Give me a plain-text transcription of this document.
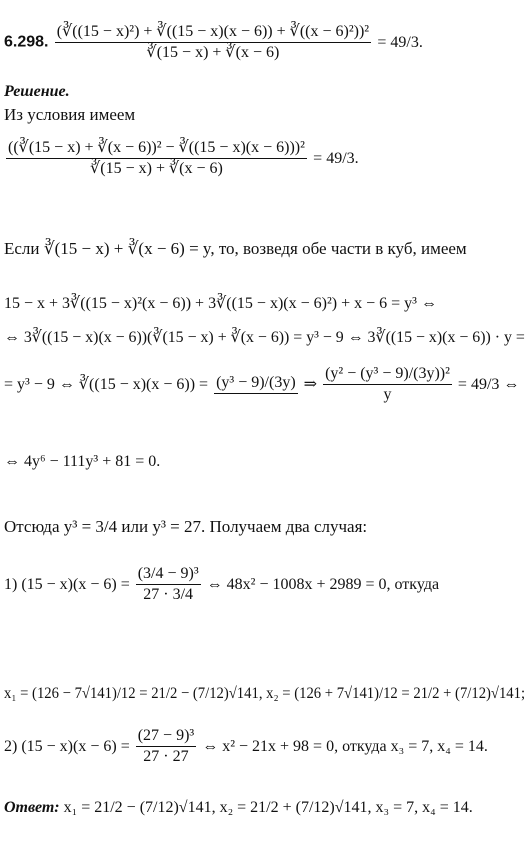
6.298. $\frac{\text{(∛((15 − x)²) + ∛((15 − x)(x − 6)) + ∛((x − 6)²))²}}{∛(15 - x) + ∛(x - 6)} = 49/3$.
Решение.
Из условия имеем
$\frac{\text{((∛(15 − x) + ∛(x − 6))² − ∛((15 − x)(x − 6)))²}}{∛(15 - x) + ∛(x - 6)} = 49/3$.
Если ∛(15 − x) + ∛(x − 6) = y, то, возведя обе части в куб, имеем
15 − x + 3∛((15 − x)²(x − 6)) + 3∛((15 − x)(x − 6)²) + x − 6 = y³ ⇔
⇔ 3∛((15 − x)(x − 6))(∛(15 − x) + ∛(x − 6)) = y³ − 9 ⇔ 3∛((15 − x)(x − 6)) · y =
= y³ − 9 ⇔ ∛((15 − x)(x − 6)) = (y³ − 9)/(3y) ⇒ $\frac{\text{(y² − (y³ − 9)/(3y))²}}{y} = 49/3$ ⇔
⇔ 4y⁶ − 111y³ + 81 = 0.
Отсюда y³ = 3/4 или y³ = 27. Получаем два случая:
1) $(15 - x)(x - 6) = \frac{\text{(3/4 − 9)³}}{27 \cdot 3/4}$ ⇔ 48x² − 1008x + 2989 = 0, откуда
x₁ = (126 − 7√141)/12 = 21/2 − (7/12)√141, x₂ = (126 + 7√141)/12 = 21/2 + (7/12)√141;
2) $(15 - x)(x - 6) = \frac{\text{(27 − 9)³}}{27 \cdot 27}$ ⇔ x² − 21x + 98 = 0, откуда x₃ = 7, x₄ = 14.
Ответ: x₁ = 21/2 − (7/12)√141, x₂ = 21/2 + (7/12)√141, x₃ = 7, x₄ = 14.
